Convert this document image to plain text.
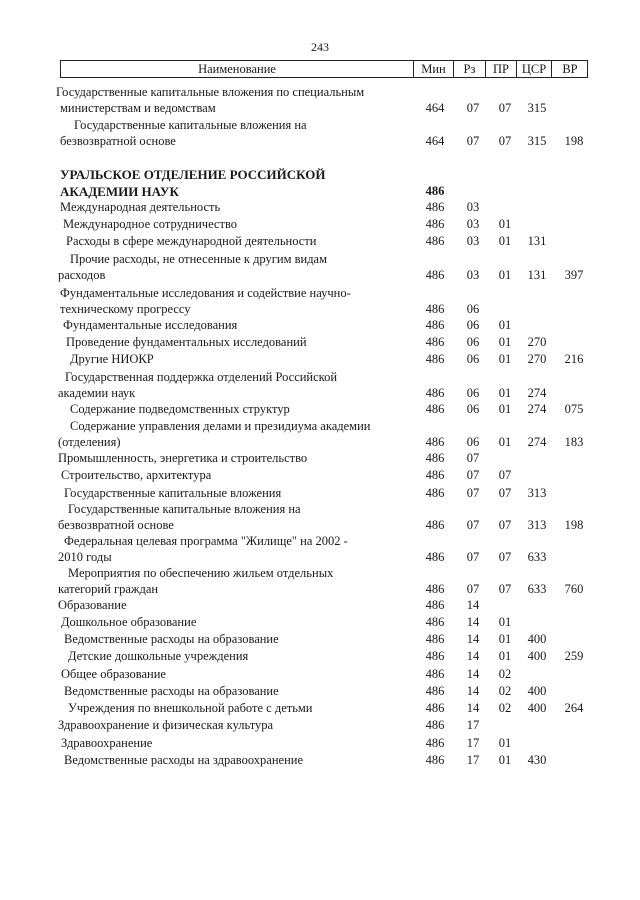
243
Наименование	Мин	Рз	ПР	ЦСР	ВР
Государственные капитальные вложения по специальным
министерствам и ведомствам	464	07	07	315
Государственные капитальные вложения на
безвозвратной основе	464	07	07	315	198
УРАЛЬСКОЕ ОТДЕЛЕНИЕ РОССИЙСКОЙ
АКАДЕМИИ НАУК	486
Международная деятельность	486	03
Международное сотрудничество	486	03	01
Расходы в сфере международной деятельности	486	03	01	131
Прочие расходы, не отнесенные к другим видам
расходов	486	03	01	131	397
Фундаментальные исследования и содействие научно-
техническому прогрессу	486	06
Фундаментальные исследования	486	06	01
Проведение фундаментальных исследований	486	06	01	270
Другие НИОКР	486	06	01	270	216
Государственная поддержка отделений Российской
академии наук	486	06	01	274
Содержание подведомственных структур	486	06	01	274	075
Содержание управления делами и президиума академии
(отделения)	486	06	01	274	183
Промышленность, энергетика и строительство	486	07
Строительство, архитектура	486	07	07
Государственные капитальные вложения	486	07	07	313
Государственные капитальные вложения на
безвозвратной основе	486	07	07	313	198
Федеральная целевая программа "Жилище" на 2002 -
2010 годы	486	07	07	633
Мероприятия по обеспечению жильем отдельных
категорий граждан	486	07	07	633	760
Образование	486	14
Дошкольное образование	486	14	01
Ведомственные расходы на образование	486	14	01	400
Детские дошкольные учреждения	486	14	01	400	259
Общее образование	486	14	02
Ведомственные расходы на образование	486	14	02	400
Учреждения по внешкольной работе с детьми	486	14	02	400	264
Здравоохранение и физическая культура	486	17
Здравоохранение	486	17	01
Ведомственные расходы на здравоохранение	486	17	01	430
